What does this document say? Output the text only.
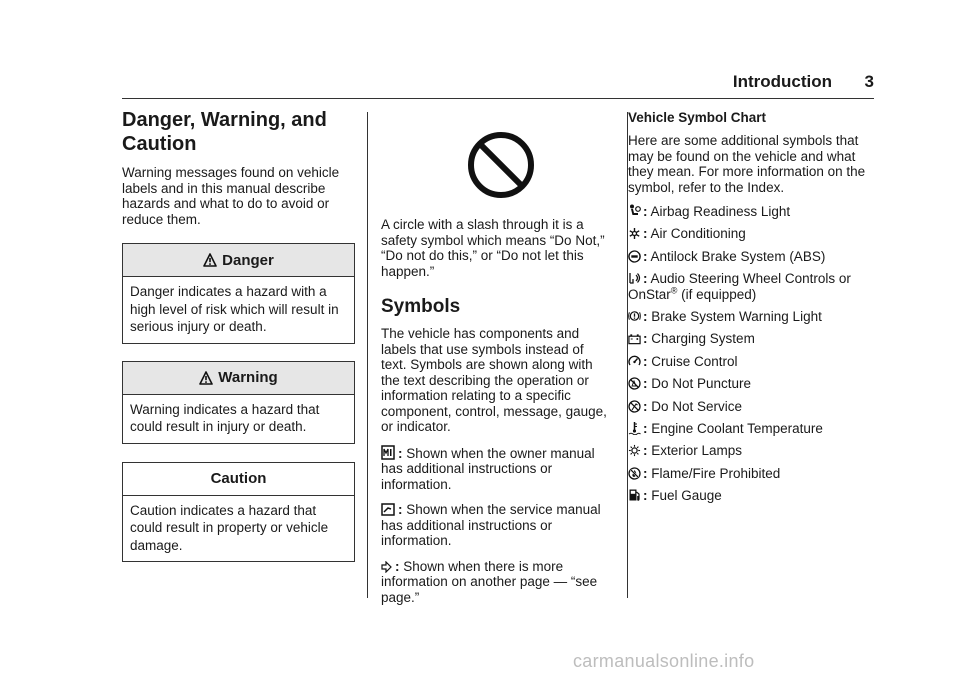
Introduction 3
Danger, Warning, and
Caution

Warning messages found on vehicle labels and in this manual describe hazards and what to do to avoid or reduce them.

Danger

Danger indicates a hazard with a high level of risk which will result in serious injury or death.

Warning

Warning indicates a hazard that could result in injury or death.

Caution

Caution indicates a hazard that could result in property or vehicle damage.

A circle with a slash through it is a safety symbol which means “Do Not,” “Do not do this,” or “Do not let this happen.”

Symbols

The vehicle has components and labels that use symbols instead of text. Symbols are shown along with the text describing the operation or information relating to a specific component, control, message, gauge, or indicator.

: Shown when the owner manual has additional instructions or information.

: Shown when the service manual has additional instructions or information.

: Shown when there is more information on another page — “see page.”

Vehicle Symbol Chart

Here are some additional symbols that may be found on the vehicle and what they mean. For more information on the symbol, refer to the Index.

: Airbag Readiness Light
: Air Conditioning
: Antilock Brake System (ABS)
: Audio Steering Wheel Controls or OnStar® (if equipped)
: Brake System Warning Light
: Charging System
: Cruise Control
: Do Not Puncture
: Do Not Service
: Engine Coolant Temperature
: Exterior Lamps
: Flame/Fire Prohibited
: Fuel Gauge
carmanualsonline.info
